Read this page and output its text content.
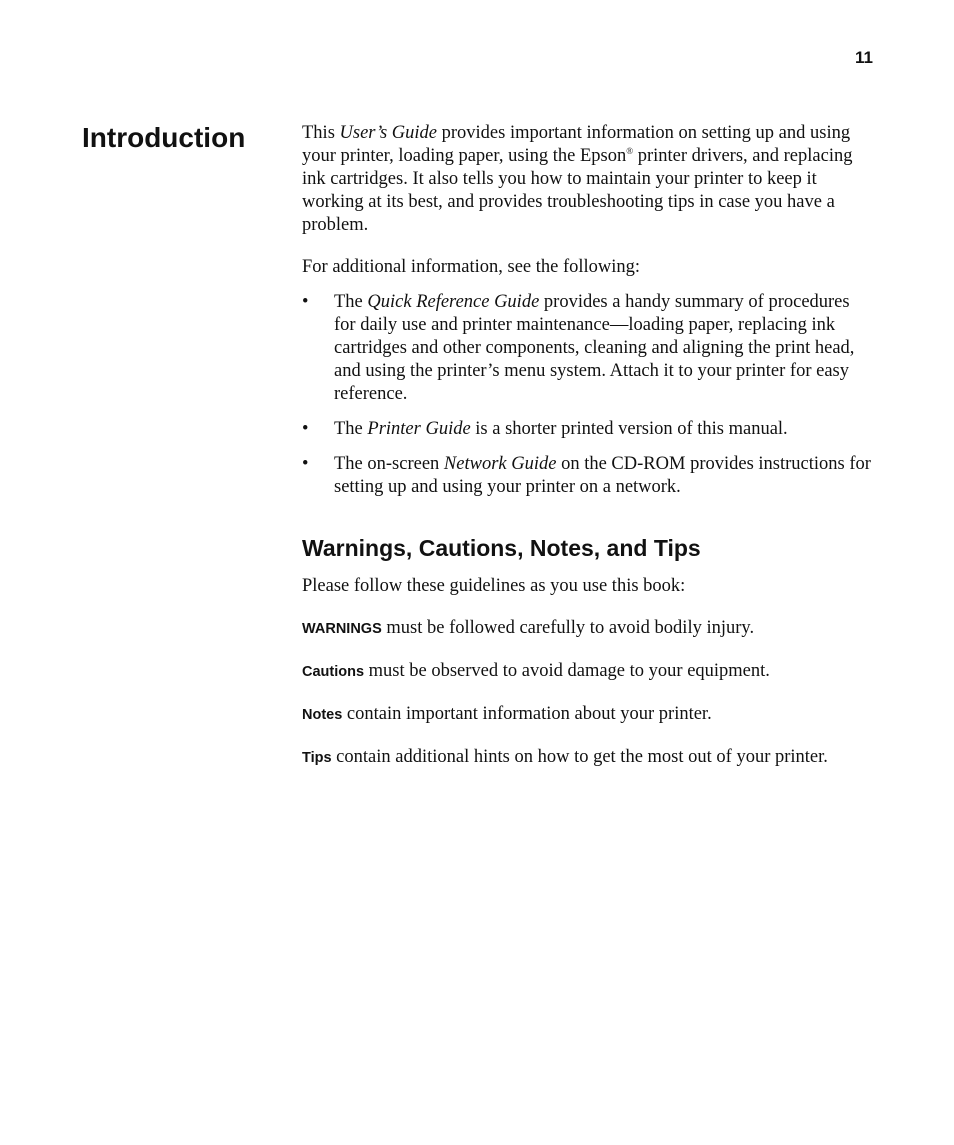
11
Introduction	This User’s Guide provides important information on setting up and using your printer, loading paper, using the Epson® printer drivers, and replacing ink cartridges. It also tells you how to maintain your printer to keep it working at its best, and provides troubleshooting tips in case you have a problem.

For additional information, see the following:

• The Quick Reference Guide provides a handy summary of procedures for daily use and printer maintenance—loading paper, replacing ink cartridges and other components, cleaning and aligning the print head, and using the printer’s menu system. Attach it to your printer for easy reference.
• The Printer Guide is a shorter printed version of this manual.
• The on-screen Network Guide on the CD-ROM provides instructions for setting up and using your printer on a network.
Warnings, Cautions, Notes, and Tips

Please follow these guidelines as you use this book:

WARNINGS must be followed carefully to avoid bodily injury.

Cautions must be observed to avoid damage to your equipment.

Notes contain important information about your printer.

Tips contain additional hints on how to get the most out of your printer.
